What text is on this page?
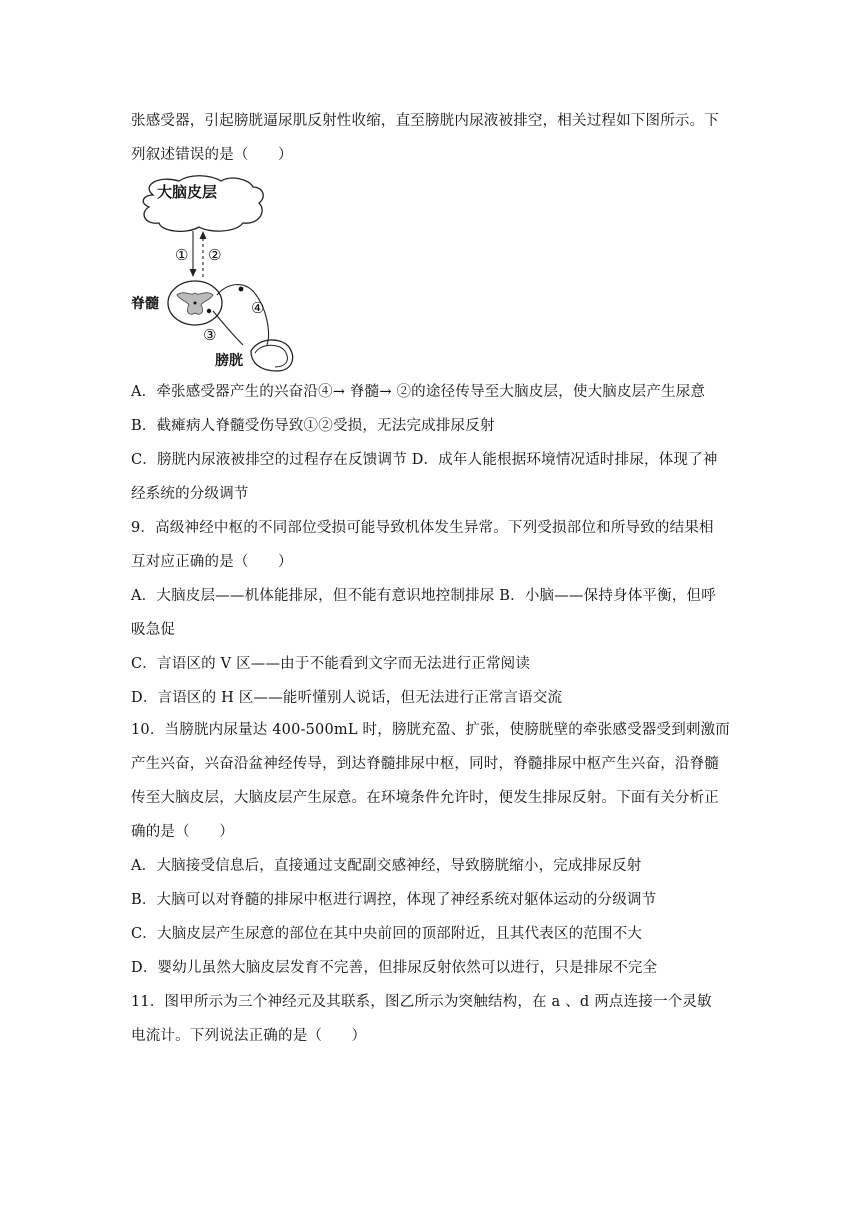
张感受器，引起膀胱逼尿肌反射性收缩，直至膀胱内尿液被排空，相关过程如下图所示。下
列叙述错误的是（　　）
大脑皮层
① ②
脊髓
③
④
膀胱
A．牵张感受器产生的兴奋沿④→ 脊髓→ ②的途径传导至大脑皮层，使大脑皮层产生尿意
B．截瘫病人脊髓受伤导致①②受损，无法完成排尿反射
C．膀胱内尿液被排空的过程存在反馈调节 D．成年人能根据环境情况适时排尿，体现了神
经系统的分级调节
9．高级神经中枢的不同部位受损可能导致机体发生异常。下列受损部位和所导致的结果相
互对应正确的是（　　）
A．大脑皮层——机体能排尿，但不能有意识地控制排尿 B．小脑——保持身体平衡，但呼
吸急促
C．言语区的 V 区——由于不能看到文字而无法进行正常阅读
D．言语区的 H 区——能听懂别人说话，但无法进行正常言语交流
10．当膀胱内尿量达 400-500mL 时，膀胱充盈、扩张，使膀胱壁的牵张感受器受到刺激而
产生兴奋，兴奋沿盆神经传导，到达脊髓排尿中枢，同时，脊髓排尿中枢产生兴奋，沿脊髓
传至大脑皮层，大脑皮层产生尿意。在环境条件允许时，便发生排尿反射。下面有关分析正
确的是（　　）
A．大脑接受信息后，直接通过支配副交感神经，导致膀胱缩小，完成排尿反射
B．大脑可以对脊髓的排尿中枢进行调控，体现了神经系统对躯体运动的分级调节
C．大脑皮层产生尿意的部位在其中央前回的顶部附近，且其代表区的范围不大
D．婴幼儿虽然大脑皮层发育不完善，但排尿反射依然可以进行，只是排尿不完全
11．图甲所示为三个神经元及其联系，图乙所示为突触结构，在 a 、d 两点连接一个灵敏
电流计。下列说法正确的是（　　）
